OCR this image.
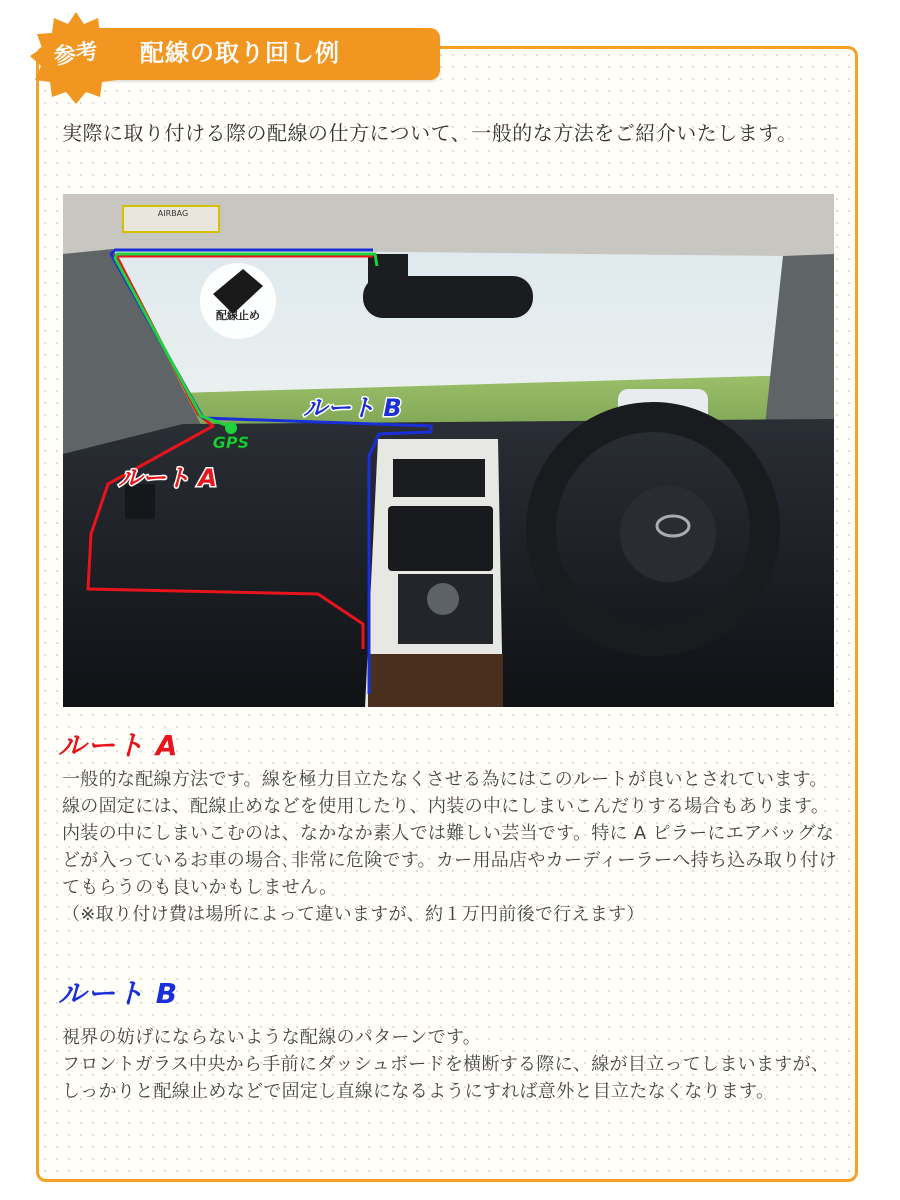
配線の取り回し例
参考
実際に取り付ける際の配線の仕方について、一般的な方法をご紹介いたします。
AIRBAG
配線止め
GPS
ルート B
ルート A
ルート A

一般的な配線方法です。線を極力目立たなくさせる為にはこのルートが良いとされています。線の固定には、配線止めなどを使用したり、内装の中にしまいこんだりする場合もあります。

内装の中にしまいこむのは、なかなか素人では難しい芸当です。特に A ピラーにエアバッグなどが入っているお車の場合､非常に危険です。カー用品店やカーディーラーへ持ち込み取り付けてもらうのも良いかもしません。

（※取り付け費は場所によって違いますが、約１万円前後で行えます）

ルート B

視界の妨げにならないような配線のパターンです。

フロントガラス中央から手前にダッシュボードを横断する際に、線が目立ってしまいますが、しっかりと配線止めなどで固定し直線になるようにすれば意外と目立たなくなります。
